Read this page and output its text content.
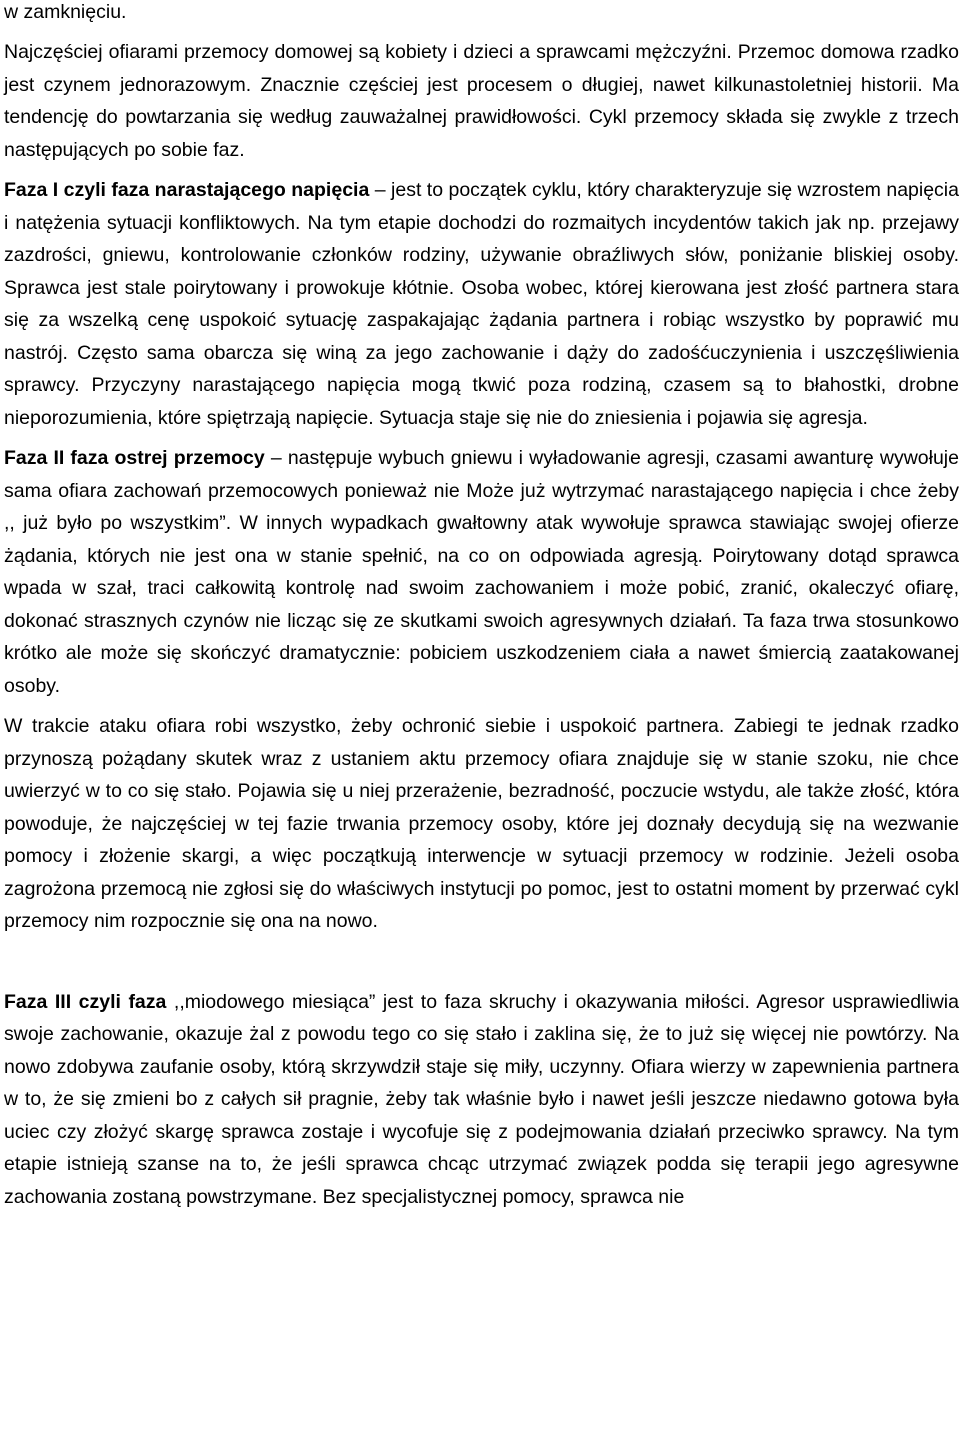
w zamknięciu.

Najczęściej ofiarami przemocy domowej są kobiety i dzieci a sprawcami mężczyźni. Przemoc domowa rzadko jest czynem jednorazowym. Znacznie częściej jest procesem o długiej, nawet kilkunastoletniej historii. Ma tendencję do powtarzania się według zauważalnej prawidłowości. Cykl przemocy składa się zwykle z trzech następujących po sobie faz.

Faza I czyli faza narastającego napięcia – jest to początek cyklu, który charakteryzuje się wzrostem napięcia i natężenia sytuacji konfliktowych. Na tym etapie dochodzi do rozmaitych incydentów takich jak np. przejawy zazdrości, gniewu, kontrolowanie członków rodziny, używanie obraźliwych słów, poniżanie bliskiej osoby. Sprawca jest stale poirytowany i prowokuje kłótnie. Osoba wobec, której kierowana jest złość partnera stara się za wszelką cenę uspokoić sytuację zaspakajając żądania partnera i robiąc wszystko by poprawić mu nastrój. Często sama obarcza się winą za jego zachowanie i dąży do zadośćuczynienia i uszczęśliwienia sprawcy. Przyczyny narastającego napięcia mogą tkwić poza rodziną, czasem są to błahostki, drobne nieporozumienia, które spiętrzają napięcie. Sytuacja staje się nie do zniesienia i pojawia się agresja.

Faza II faza ostrej przemocy – następuje wybuch gniewu i wyładowanie agresji, czasami awanturę wywołuje sama ofiara zachowań przemocowych ponieważ nie Może już wytrzymać narastającego napięcia i chce żeby ,, już było po wszystkim”. W innych wypadkach gwałtowny atak wywołuje sprawca stawiając swojej ofierze żądania, których nie jest ona w stanie spełnić, na co on odpowiada agresją. Poirytowany dotąd sprawca wpada w szał, traci całkowitą kontrolę nad swoim zachowaniem i może pobić, zranić, okaleczyć ofiarę, dokonać strasznych czynów nie licząc się ze skutkami swoich agresywnych działań. Ta faza trwa stosunkowo krótko ale może się skończyć dramatycznie: pobiciem uszkodzeniem ciała a nawet śmiercią zaatakowanej osoby.

W trakcie ataku ofiara robi wszystko, żeby ochronić siebie i uspokoić partnera. Zabiegi te jednak rzadko przynoszą pożądany skutek wraz z ustaniem aktu przemocy ofiara znajduje się w stanie szoku, nie chce uwierzyć w to co się stało. Pojawia się u niej przerażenie, bezradność, poczucie wstydu, ale także złość, która powoduje, że najczęściej w tej fazie trwania przemocy osoby, które jej doznały decydują się na wezwanie pomocy i złożenie skargi, a więc początkują interwencje w sytuacji przemocy w rodzinie. Jeżeli osoba zagrożona przemocą nie zgłosi się do właściwych instytucji po pomoc, jest to ostatni moment by przerwać cykl przemocy nim rozpocznie się ona na nowo.

Faza III czyli faza ,,miodowego miesiąca” jest to faza skruchy i okazywania miłości. Agresor usprawiedliwia swoje zachowanie, okazuje żal z powodu tego co się stało i zaklina się, że to już się więcej nie powtórzy. Na nowo zdobywa zaufanie osoby, którą skrzywdził staje się miły, uczynny. Ofiara wierzy w zapewnienia partnera w to, że się zmieni bo z całych sił pragnie, żeby tak właśnie było i nawet jeśli jeszcze niedawno gotowa była uciec czy złożyć skargę sprawca zostaje i wycofuje się z podejmowania działań przeciwko sprawcy. Na tym etapie istnieją szanse na to, że jeśli sprawca chcąc utrzymać związek podda się terapii jego agresywne zachowania zostaną powstrzymane. Bez specjalistycznej pomocy, sprawca nie
